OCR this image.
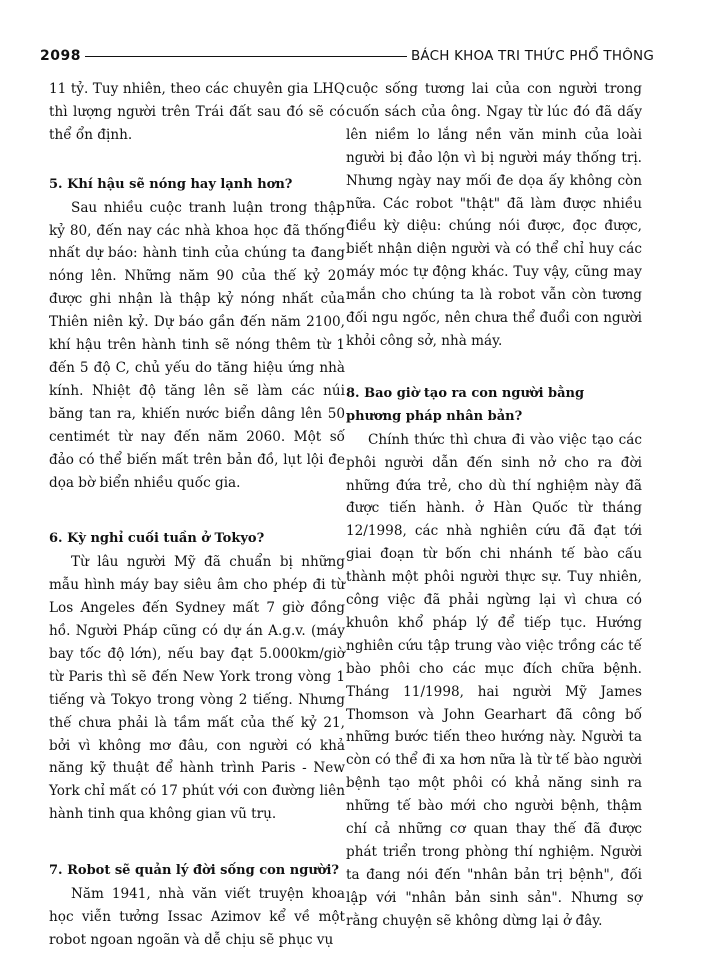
2098	BÁCH KHOA TRI THỨC PHỔ THÔNG

11 tỷ. Tuy nhiên, theo các chuyên gia LHQ thì lượng người trên Trái đất sau đó sẽ có thể ổn định.

5. Khí hậu sẽ nóng hay lạnh hơn?

Sau nhiều cuộc tranh luận trong thập kỷ 80, đến nay các nhà khoa học đã thống nhất dự báo: hành tinh của chúng ta đang nóng lên. Những năm 90 của thế kỷ 20 được ghi nhận là thập kỷ nóng nhất của Thiên niên kỷ. Dự báo gần đến năm 2100, khí hậu trên hành tinh sẽ nóng thêm từ 1 đến 5 độ C, chủ yếu do tăng hiệu ứng nhà kính. Nhiệt độ tăng lên sẽ làm các núi băng tan ra, khiến nước biển dâng lên 50 centimét từ nay đến năm 2060. Một số đảo có thể biến mất trên bản đồ, lụt lội đe dọa bờ biển nhiều quốc gia.

6. Kỳ nghỉ cuối tuần ở Tokyo?

Từ lâu người Mỹ đã chuẩn bị những mẫu hình máy bay siêu âm cho phép đi từ Los Angeles đến Sydney mất 7 giờ đồng hồ. Người Pháp cũng có dự án A.g.v. (máy bay tốc độ lớn), nếu bay đạt 5.000km/giờ từ Paris thì sẽ đến New York trong vòng 1 tiếng và Tokyo trong vòng 2 tiếng. Nhưng thế chưa phải là tầm mất của thế kỷ 21, bởi vì không mơ đâu, con người có khả năng kỹ thuật để hành trình Paris - New York chỉ mất có 17 phút với con đường liên hành tinh qua không gian vũ trụ.

7. Robot sẽ quản lý đời sống con người?

Năm 1941, nhà văn viết truyện khoa học viễn tưởng Issac Azimov kể về một robot ngoan ngoãn và dễ chịu sẽ phục vụ

cuộc sống tương lai của con người trong cuốn sách của ông. Ngay từ lúc đó đã dấy lên niềm lo lắng nền văn minh của loài người bị đảo lộn vì bị người máy thống trị. Nhưng ngày nay mối đe dọa ấy không còn nữa. Các robot "thật" đã làm được nhiều điều kỳ diệu: chúng nói được, đọc được, biết nhận diện người và có thể chỉ huy các máy móc tự động khác. Tuy vậy, cũng may mắn cho chúng ta là robot vẫn còn tương đối ngu ngốc, nên chưa thể đuổi con người khỏi công sở, nhà máy.

8. Bao giờ tạo ra con người bằng phương pháp nhân bản?

Chính thức thì chưa đi vào việc tạo các phôi người dẫn đến sinh nở cho ra đời những đứa trẻ, cho dù thí nghiệm này đã được tiến hành. ở Hàn Quốc từ tháng 12/1998, các nhà nghiên cứu đã đạt tới giai đoạn từ bốn chi nhánh tế bào cấu thành một phôi người thực sự. Tuy nhiên, công việc đã phải ngừng lại vì chưa có khuôn khổ pháp lý để tiếp tục. Hướng nghiên cứu tập trung vào việc trồng các tế bào phôi cho các mục đích chữa bệnh. Tháng 11/1998, hai người Mỹ James Thomson và John Gearhart đã công bố những bước tiến theo hướng này. Người ta còn có thể đi xa hơn nữa là từ tế bào người bệnh tạo một phôi có khả năng sinh ra những tế bào mới cho người bệnh, thậm chí cả những cơ quan thay thế đã được phát triển trong phòng thí nghiệm. Người ta đang nói đến "nhân bản trị bệnh", đối lập với "nhân bản sinh sản". Nhưng sợ rằng chuyện sẽ không dừng lại ở đây.
